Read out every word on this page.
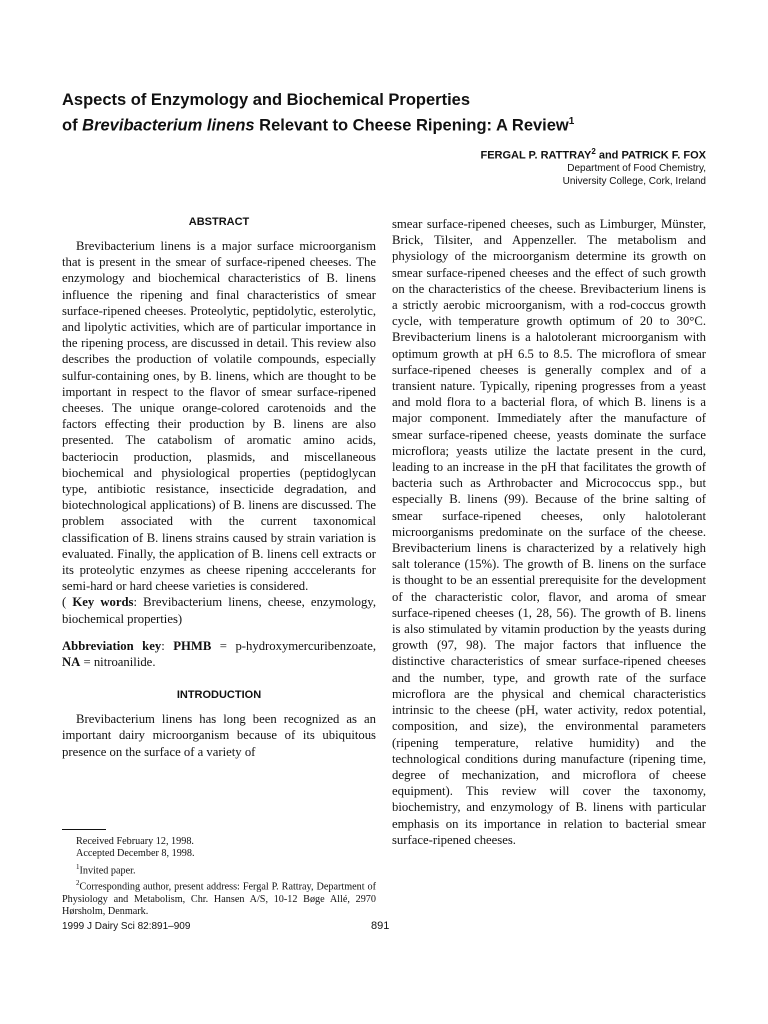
Aspects of Enzymology and Biochemical Properties
of Brevibacterium linens Relevant to Cheese Ripening: A Review$^1$
FERGAL P. RATTRAY$^2$ and PATRICK F. FOX
Department of Food Chemistry,
University College, Cork, Ireland
ABSTRACT

Brevibacterium linens is a major surface microorganism that is present in the smear of surface-ripened cheeses. The enzymology and biochemical characteristics of B. linens influence the ripening and final characteristics of smear surface-ripened cheeses. Proteolytic, peptidolytic, esterolytic, and lipolytic activities, which are of particular importance in the ripening process, are discussed in detail. This review also describes the production of volatile compounds, especially sulfur-containing ones, by B. linens, which are thought to be important in respect to the flavor of smear surface-ripened cheeses. The unique orange-colored carotenoids and the factors effecting their production by B. linens are also presented. The catabolism of aromatic amino acids, bacteriocin production, plasmids, and miscellaneous biochemical and physiological properties (peptidoglycan type, antibiotic resistance, insecticide degradation, and biotechnological applications) of B. linens are discussed. The problem associated with the current taxonomical classification of B. linens strains caused by strain variation is evaluated. Finally, the application of B. linens cell extracts or its proteolytic enzymes as cheese ripening acccelerants for semi-hard or hard cheese varieties is considered.

( Key words: Brevibacterium linens, cheese, enzymology, biochemical properties)

Abbreviation key: PHMB = p-hydroxymercuribenzoate, NA = nitroanilide.

INTRODUCTION

Brevibacterium linens has long been recognized as an important dairy microorganism because of its ubiquitous presence on the surface of a variety of

smear surface-ripened cheeses, such as Limburger, Münster, Brick, Tilsiter, and Appenzeller. The metabolism and physiology of the microorganism determine its growth on smear surface-ripened cheeses and the effect of such growth on the characteristics of the cheese. Brevibacterium linens is a strictly aerobic microorganism, with a rod-coccus growth cycle, with temperature growth optimum of 20 to 30°C. Brevibacterium linens is a halotolerant microorganism with optimum growth at pH 6.5 to 8.5. The microflora of smear surface-ripened cheeses is generally complex and of a transient nature. Typically, ripening progresses from a yeast and mold flora to a bacterial flora, of which B. linens is a major component. Immediately after the manufacture of smear surface-ripened cheese, yeasts dominate the surface microflora; yeasts utilize the lactate present in the curd, leading to an increase in the pH that facilitates the growth of bacteria such as Arthrobacter and Micrococcus spp., but especially B. linens (99). Because of the brine salting of smear surface-ripened cheeses, only halotolerant microorganisms predominate on the surface of the cheese. Brevibacterium linens is characterized by a relatively high salt tolerance (15%). The growth of B. linens on the surface is thought to be an essential prerequisite for the development of the characteristic color, flavor, and aroma of smear surface-ripened cheeses (1, 28, 56). The growth of B. linens is also stimulated by vitamin production by the yeasts during growth (97, 98). The major factors that influence the distinctive characteristics of smear surface-ripened cheeses and the number, type, and growth rate of the surface microflora are the physical and chemical characteristics intrinsic to the cheese (pH, water activity, redox potential, composition, and size), the environmental parameters (ripening temperature, relative humidity) and the technological conditions during manufacture (ripening time, degree of mechanization, and microflora of cheese equipment). This review will cover the taxonomy, biochemistry, and enzymology of B. linens with particular emphasis on its importance in relation to bacterial smear surface-ripened cheeses.

Received February 12, 1998.

Accepted December 8, 1998.

$^1$Invited paper.

$^2$Corresponding author, present address: Fergal P. Rattray, Department of Physiology and Metabolism, Chr. Hansen A/S, 10-12 Bøge Allé, 2970 Hørsholm, Denmark.

1999 J Dairy Sci 82:891–909	891
